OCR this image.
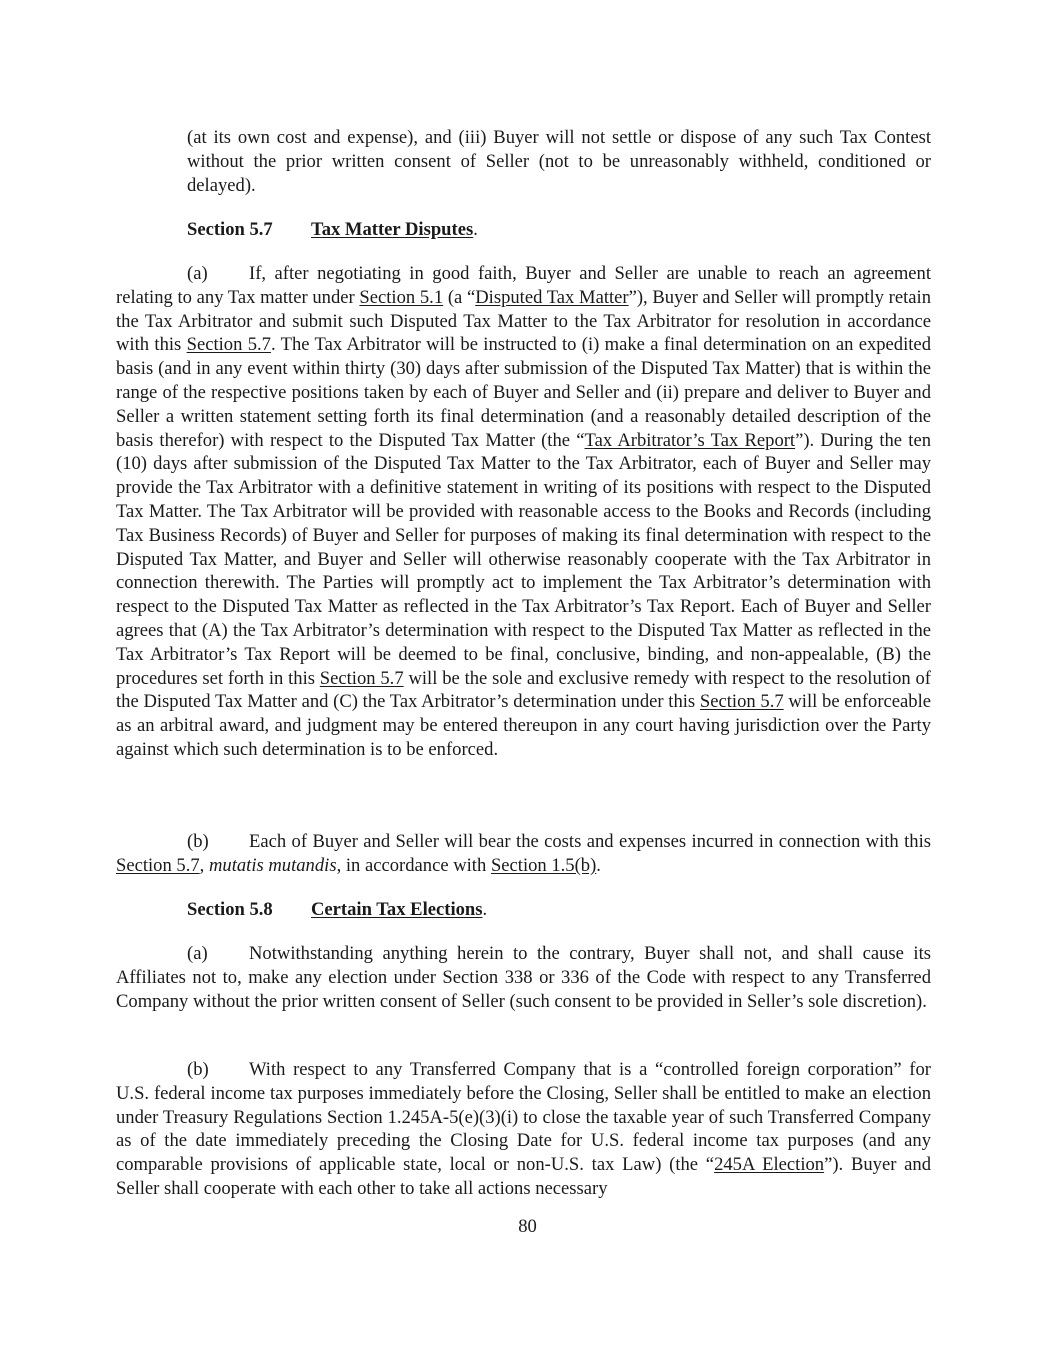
(at its own cost and expense), and (iii) Buyer will not settle or dispose of any such Tax Contest without the prior written consent of Seller (not to be unreasonably withheld, conditioned or delayed).

Section 5.7 Tax Matter Disputes.

(a) If, after negotiating in good faith, Buyer and Seller are unable to reach an agreement relating to any Tax matter under Section 5.1 (a “Disputed Tax Matter”), Buyer and Seller will promptly retain the Tax Arbitrator and submit such Disputed Tax Matter to the Tax Arbitrator for resolution in accordance with this Section 5.7. The Tax Arbitrator will be instructed to (i) make a final determination on an expedited basis (and in any event within thirty (30) days after submission of the Disputed Tax Matter) that is within the range of the respective positions taken by each of Buyer and Seller and (ii) prepare and deliver to Buyer and Seller a written statement setting forth its final determination (and a reasonably detailed description of the basis therefor) with respect to the Disputed Tax Matter (the “Tax Arbitrator’s Tax Report”). During the ten (10) days after submission of the Disputed Tax Matter to the Tax Arbitrator, each of Buyer and Seller may provide the Tax Arbitrator with a definitive statement in writing of its positions with respect to the Disputed Tax Matter. The Tax Arbitrator will be provided with reasonable access to the Books and Records (including Tax Business Records) of Buyer and Seller for purposes of making its final determination with respect to the Disputed Tax Matter, and Buyer and Seller will otherwise reasonably cooperate with the Tax Arbitrator in connection therewith. The Parties will promptly act to implement the Tax Arbitrator’s determination with respect to the Disputed Tax Matter as reflected in the Tax Arbitrator’s Tax Report. Each of Buyer and Seller agrees that (A) the Tax Arbitrator’s determination with respect to the Disputed Tax Matter as reflected in the Tax Arbitrator’s Tax Report will be deemed to be final, conclusive, binding, and non-appealable, (B) the procedures set forth in this Section 5.7 will be the sole and exclusive remedy with respect to the resolution of the Disputed Tax Matter and (C) the Tax Arbitrator’s determination under this Section 5.7 will be enforceable as an arbitral award, and judgment may be entered thereupon in any court having jurisdiction over the Party against which such determination is to be enforced.

(b) Each of Buyer and Seller will bear the costs and expenses incurred in connection with this Section 5.7, mutatis mutandis, in accordance with Section 1.5(b).

Section 5.8 Certain Tax Elections.

(a) Notwithstanding anything herein to the contrary, Buyer shall not, and shall cause its Affiliates not to, make any election under Section 338 or 336 of the Code with respect to any Transferred Company without the prior written consent of Seller (such consent to be provided in Seller’s sole discretion).

(b) With respect to any Transferred Company that is a “controlled foreign corporation” for U.S. federal income tax purposes immediately before the Closing, Seller shall be entitled to make an election under Treasury Regulations Section 1.245A-5(e)(3)(i) to close the taxable year of such Transferred Company as of the date immediately preceding the Closing Date for U.S. federal income tax purposes (and any comparable provisions of applicable state, local or non-U.S. tax Law) (the “245A Election”). Buyer and Seller shall cooperate with each other to take all actions necessary

80
